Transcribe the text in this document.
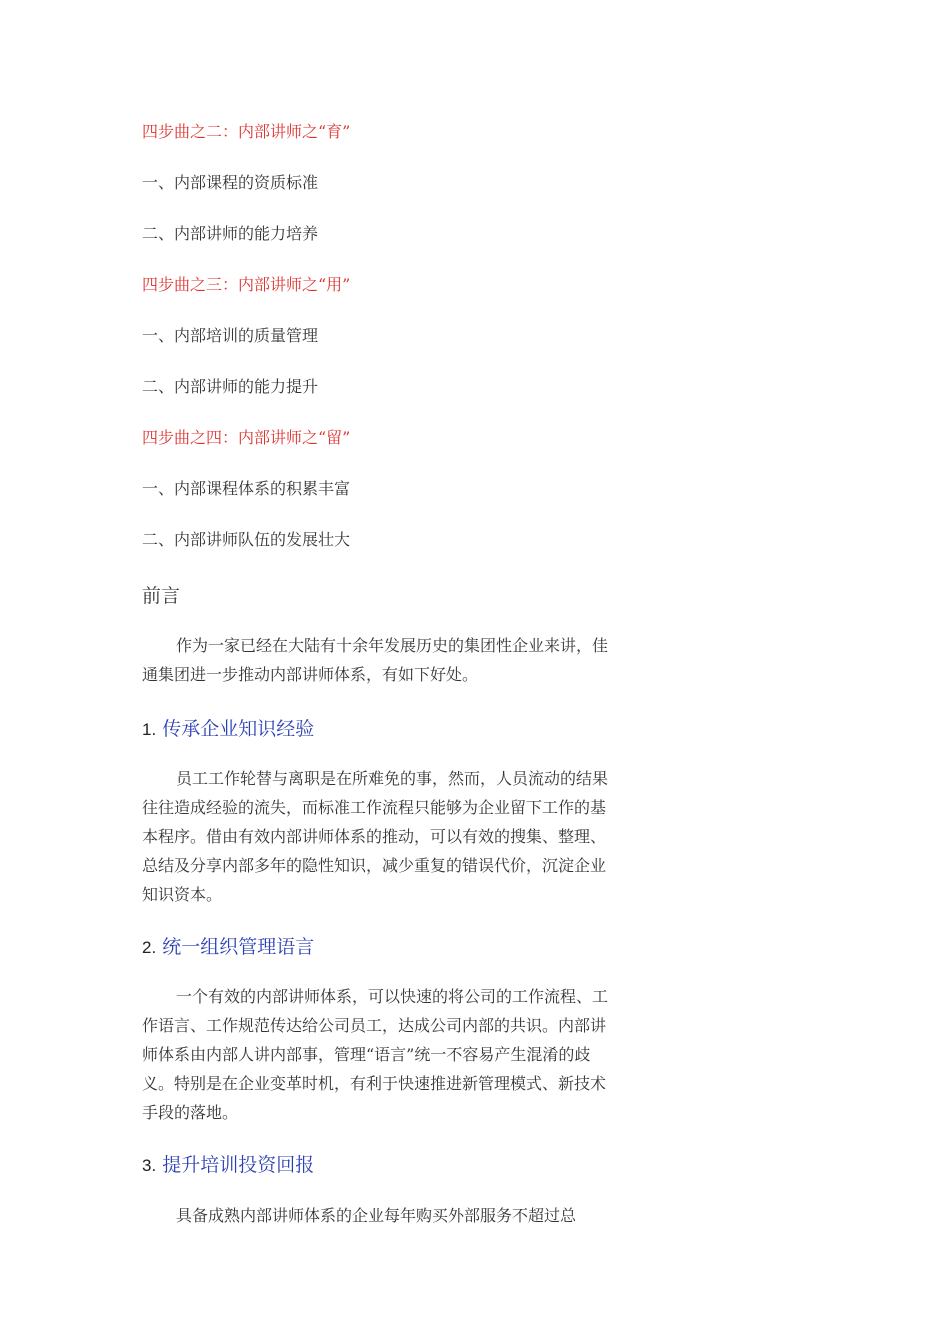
四步曲之二：内部讲师之“育”
一、内部课程的资质标准
二、内部讲师的能力培养
四步曲之三：内部讲师之“用”
一、内部培训的质量管理
二、内部讲师的能力提升
四步曲之四：内部讲师之“留”
一、内部课程体系的积累丰富
二、内部讲师队伍的发展壮大
前言
作为一家已经在大陆有十余年发展历史的集团性企业来讲，佳通集团进一步推动内部讲师体系，有如下好处。
1. 传承企业知识经验
员工工作轮替与离职是在所难免的事，然而，人员流动的结果往往造成经验的流失，而标准工作流程只能够为企业留下工作的基本程序。借由有效内部讲师体系的推动，可以有效的搜集、整理、总结及分享内部多年的隐性知识，减少重复的错误代价，沉淀企业知识资本。
2. 统一组织管理语言
一个有效的内部讲师体系，可以快速的将公司的工作流程、工作语言、工作规范传达给公司员工，达成公司内部的共识。内部讲师体系由内部人讲内部事，管理“语言”统一不容易产生混淆的歧义。特别是在企业变革时机，有利于快速推进新管理模式、新技术手段的落地。
3. 提升培训投资回报
具备成熟内部讲师体系的企业每年购买外部服务不超过总
